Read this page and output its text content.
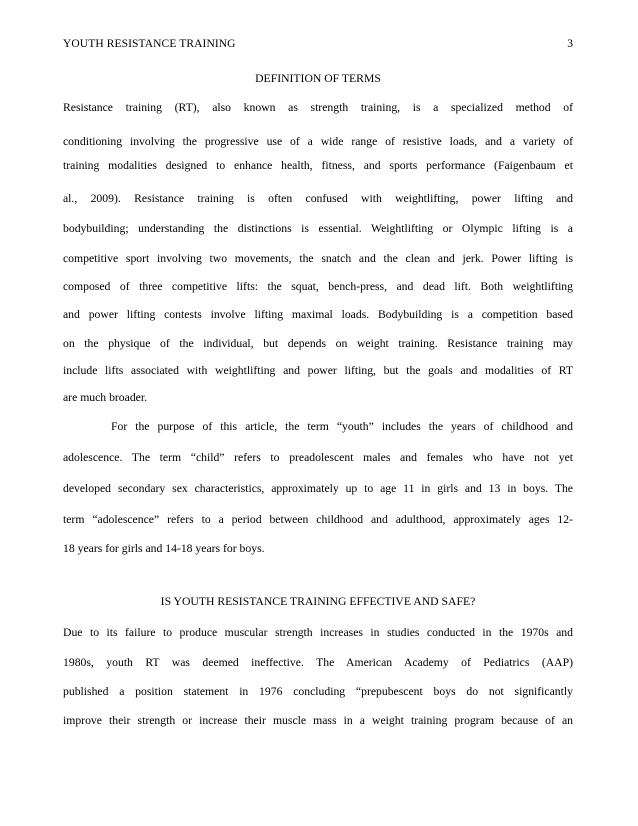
YOUTH RESISTANCE TRAINING	3
DEFINITION OF TERMS
Resistance training (RT), also known as strength training, is a specialized method of
conditioning involving the progressive use of a wide range of resistive loads, and a variety of
training modalities designed to enhance health, fitness, and sports performance (Faigenbaum et
al., 2009). Resistance training is often confused with weightlifting, power lifting and
bodybuilding; understanding the distinctions is essential. Weightlifting or Olympic lifting is a
competitive sport involving two movements, the snatch and the clean and jerk. Power lifting is
composed of three competitive lifts: the squat, bench-press, and dead lift. Both weightlifting
and power lifting contests involve lifting maximal loads. Bodybuilding is a competition based
on the physique of the individual, but depends on weight training. Resistance training may
include lifts associated with weightlifting and power lifting, but the goals and modalities of RT
are much broader.
For the purpose of this article, the term “youth” includes the years of childhood and
adolescence. The term “child” refers to preadolescent males and females who have not yet
developed secondary sex characteristics, approximately up to age 11 in girls and 13 in boys. The
term “adolescence” refers to a period between childhood and adulthood, approximately ages 12-
18 years for girls and 14-18 years for boys.
IS YOUTH RESISTANCE TRAINING EFFECTIVE AND SAFE?
Due to its failure to produce muscular strength increases in studies conducted in the 1970s and
1980s, youth RT was deemed ineffective. The American Academy of Pediatrics (AAP)
published a position statement in 1976 concluding “prepubescent boys do not significantly
improve their strength or increase their muscle mass in a weight training program because of an
